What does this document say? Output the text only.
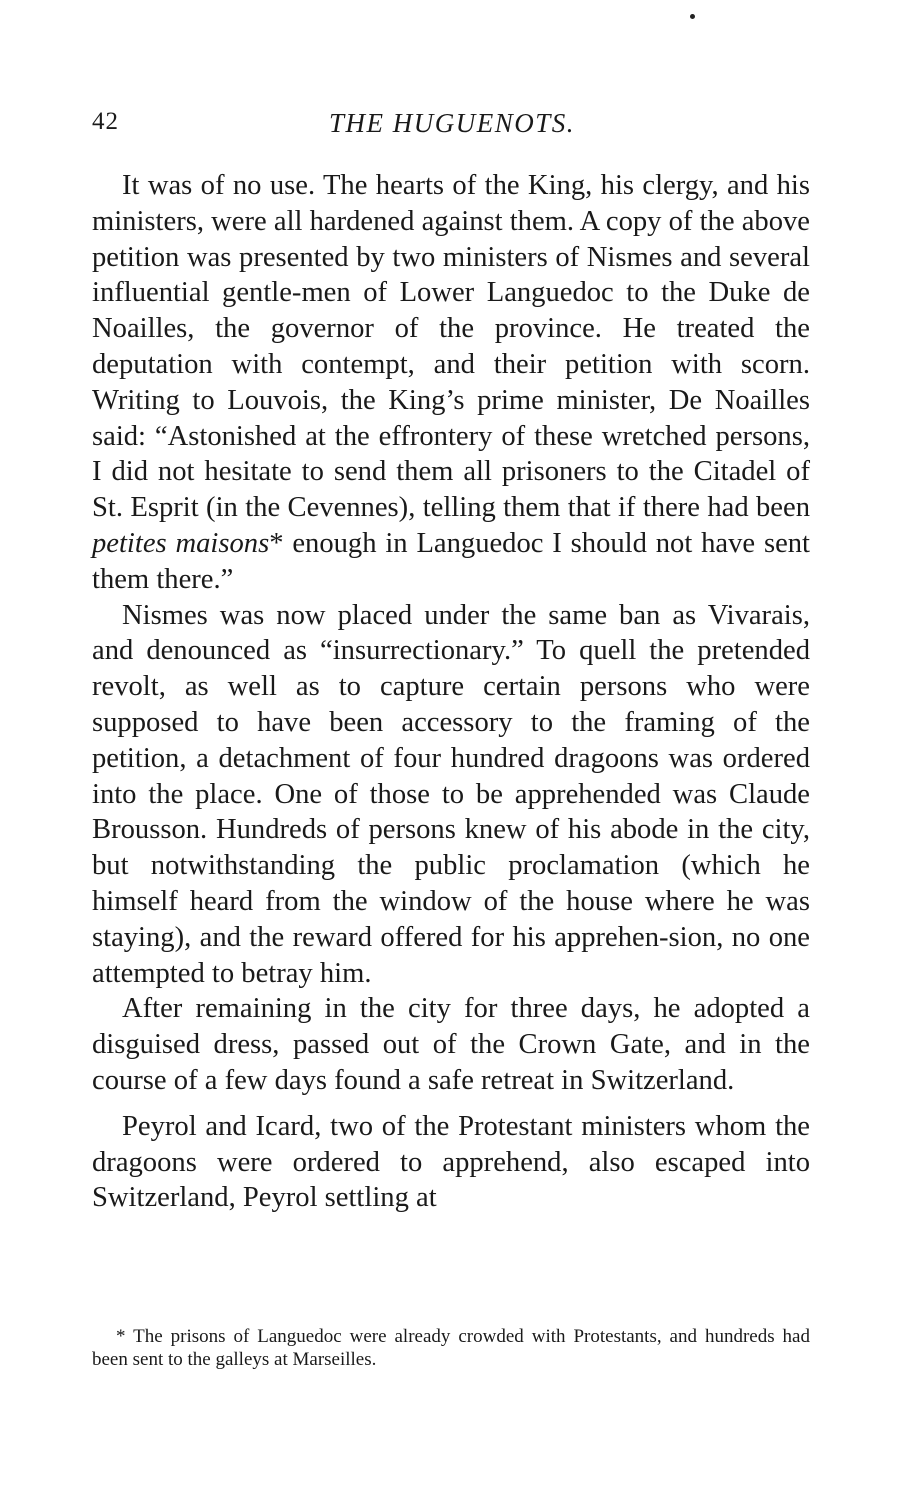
42	THE HUGUENOTS.

It was of no use. The hearts of the King, his clergy, and his ministers, were all hardened against them. A copy of the above petition was presented by two ministers of Nismes and several influential gentle-men of Lower Languedoc to the Duke de Noailles, the governor of the province. He treated the deputation with contempt, and their petition with scorn. Writing to Louvois, the King’s prime minister, De Noailles said: “Astonished at the effrontery of these wretched persons, I did not hesitate to send them all prisoners to the Citadel of St. Esprit (in the Cevennes), telling them that if there had been petites maisons* enough in Languedoc I should not have sent them there.”

Nismes was now placed under the same ban as Vivarais, and denounced as “insurrectionary.” To quell the pretended revolt, as well as to capture certain persons who were supposed to have been accessory to the framing of the petition, a detachment of four hundred dragoons was ordered into the place. One of those to be apprehended was Claude Brousson. Hundreds of persons knew of his abode in the city, but notwithstanding the public proclamation (which he himself heard from the window of the house where he was staying), and the reward offered for his apprehen-sion, no one attempted to betray him.

After remaining in the city for three days, he adopted a disguised dress, passed out of the Crown Gate, and in the course of a few days found a safe retreat in Switzerland.

Peyrol and Icard, two of the Protestant ministers whom the dragoons were ordered to apprehend, also escaped into Switzerland, Peyrol settling at

* The prisons of Languedoc were already crowded with Protestants, and hundreds had been sent to the galleys at Marseilles.
